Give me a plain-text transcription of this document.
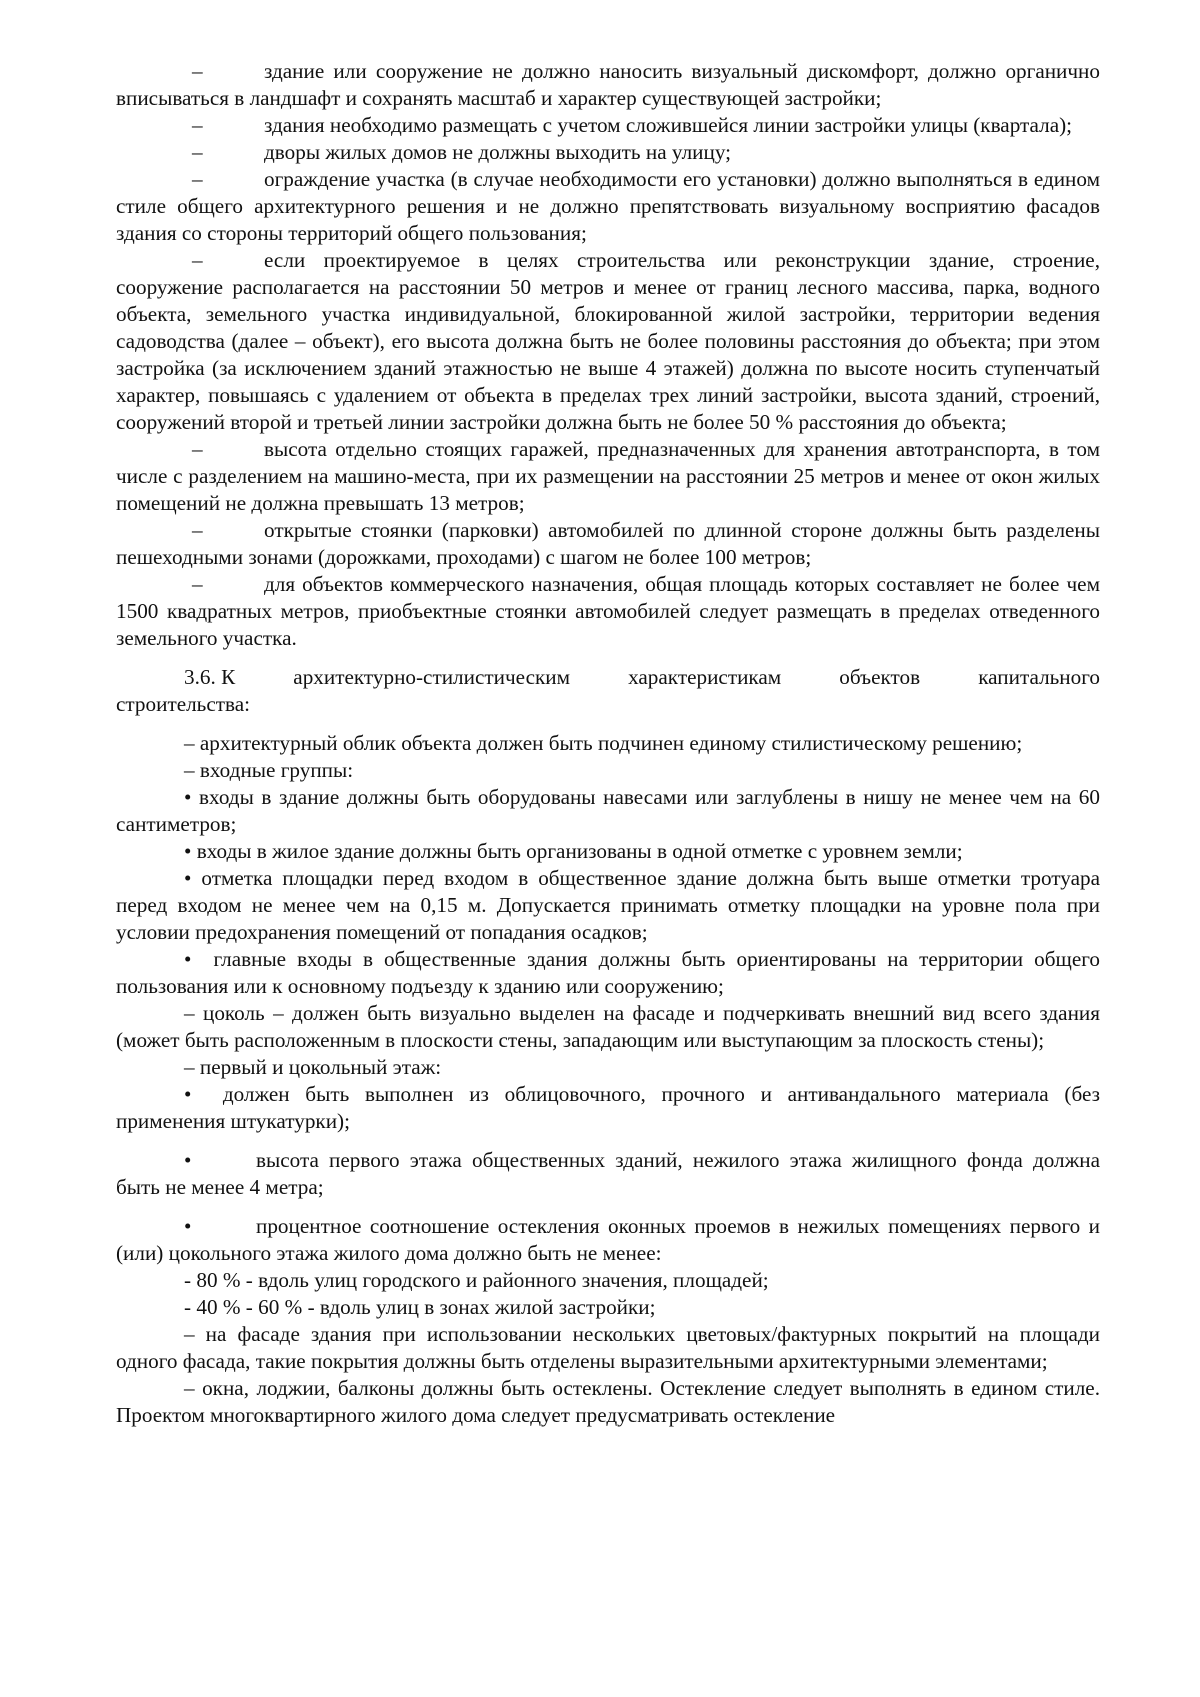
–	здание или сооружение не должно наносить визуальный дискомфорт, должно органично вписываться в ландшафт и сохранять масштаб и характер существующей застройки;

–	здания необходимо размещать с учетом сложившейся линии застройки улицы (квартала);

–	дворы жилых домов не должны выходить на улицу;

–	ограждение участка (в случае необходимости его установки) должно выполняться в едином стиле общего архитектурного решения и не должно препятствовать визуальному восприятию фасадов здания со стороны территорий общего пользования;

–	если проектируемое в целях строительства или реконструкции здание, строение, сооружение располагается на расстоянии 50 метров и менее от границ лесного массива, парка, водного объекта, земельного участка индивидуальной, блокированной жилой застройки, территории ведения садоводства (далее – объект), его высота должна быть не более половины расстояния до объекта; при этом застройка (за исключением зданий этажностью не выше 4 этажей) должна по высоте носить ступенчатый характер, повышаясь с удалением от объекта в пределах трех линий застройки, высота зданий, строений, сооружений второй и третьей линии застройки должна быть не более 50 % расстояния до объекта;

–	высота отдельно стоящих гаражей, предназначенных для хранения автотранспорта, в том числе с разделением на машино-места, при их размещении на расстоянии 25 метров и менее от окон жилых помещений не должна превышать 13 метров;

–	открытые стоянки (парковки) автомобилей по длинной стороне должны быть разделены пешеходными зонами (дорожками, проходами) с шагом не более 100 метров;

–	для объектов коммерческого назначения, общая площадь которых составляет не более чем 1500 квадратных метров, приобъектные стоянки автомобилей следует размещать в пределах отведенного земельного участка.

3.6. К	архитектурно-стилистическим	характеристикам	объектов	капитального
строительства:

– архитектурный облик объекта должен быть подчинен единому стилистическому решению;

– входные группы:

• входы в здание должны быть оборудованы навесами или заглублены в нишу не менее чем на 60 сантиметров;

• входы в жилое здание должны быть организованы в одной отметке с уровнем земли;

• отметка площадки перед входом в общественное здание должна быть выше отметки тротуара перед входом не менее чем на 0,15 м. Допускается принимать отметку площадки на уровне пола при условии предохранения помещений от попадания осадков;

• главные входы в общественные здания должны быть ориентированы на территории общего пользования или к основному подъезду к зданию или сооружению;

– цоколь – должен быть визуально выделен на фасаде и подчеркивать внешний вид всего здания (может быть расположенным в плоскости стены, западающим или выступающим за плоскость стены);

– первый и цокольный этаж:

• должен быть выполнен из облицовочного, прочного и антивандального материала (без применения штукатурки);

•	высота первого этажа общественных зданий, нежилого этажа жилищного фонда должна быть не менее 4 метра;

•	процентное соотношение остекления оконных проемов в нежилых помещениях первого и (или) цокольного этажа жилого дома должно быть не менее:

- 80 % - вдоль улиц городского и районного значения, площадей;

- 40 % - 60 % - вдоль улиц в зонах жилой застройки;

– на фасаде здания при использовании нескольких цветовых/фактурных покрытий на площади одного фасада, такие покрытия должны быть отделены выразительными архитектурными элементами;

– окна, лоджии, балконы должны быть остеклены. Остекление следует выполнять в едином стиле. Проектом многоквартирного жилого дома следует предусматривать остекление
